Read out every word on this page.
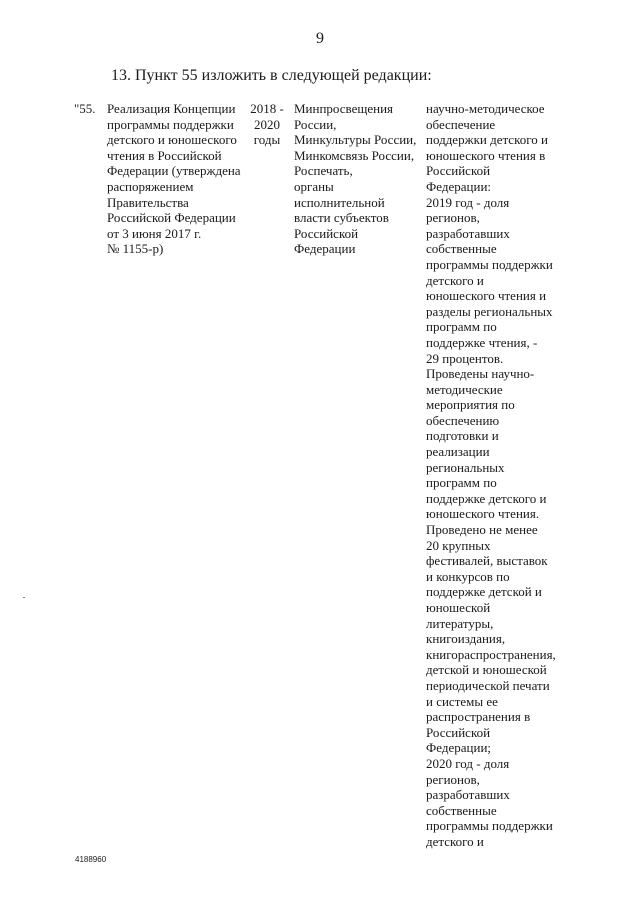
9
13. Пункт 55 изложить в следующей редакции:
"55. Реализация Концепции
программы поддержки
детского и юношеского
чтения в Российской
Федерации (утверждена
распоряжением
Правительства
Российской Федерации
от 3 июня 2017 г.
№ 1155-р)
2018 -
2020
годы
Минпросвещения
России,
Минкультуры России,
Минкомсвязь России,
Роспечать,
органы
исполнительной
власти субъектов
Российской
Федерации
научно-методическое
обеспечение
поддержки детского и
юношеского чтения в
Российской
Федерации:
2019 год - доля
регионов,
разработавших
собственные
программы поддержки
детского и
юношеского чтения и
разделы региональных
программ по
поддержке чтения, -
29 процентов.
Проведены научно-
методические
мероприятия по
обеспечению
подготовки и
реализации
региональных
программ по
поддержке детского и
юношеского чтения.
Проведено не менее
20 крупных
фестивалей, выставок
и конкурсов по
поддержке детской и
юношеской
литературы,
книгоиздания,
книгораспространения,
детской и юношеской
периодической печати
и системы ее
распространения в
Российской
Федерации;
2020 год - доля
регионов,
разработавших
собственные
программы поддержки
детского и
4188960
